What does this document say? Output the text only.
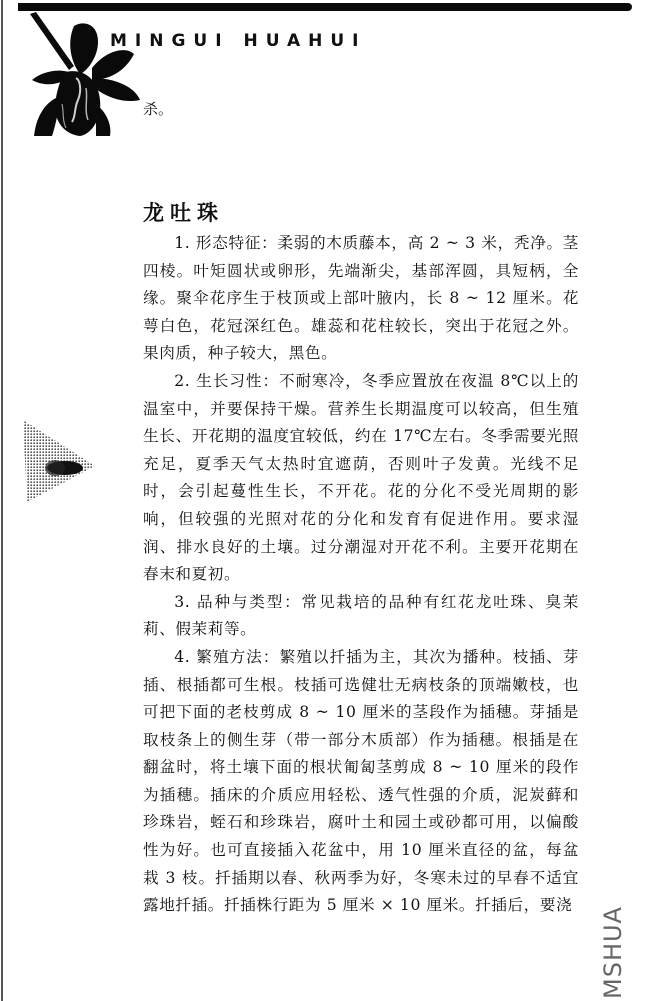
MINGUI HUAHUI
杀。
龙吐珠

1. 形态特征：柔弱的木质藤本，高 2 ~ 3 米，秃净。茎四棱。叶矩圆状或卵形，先端渐尖，基部浑圆，具短柄，全缘。聚伞花序生于枝顶或上部叶腋内，长 8 ~ 12 厘米。花萼白色，花冠深红色。雄蕊和花柱较长，突出于花冠之外。果肉质，种子较大，黑色。

2. 生长习性：不耐寒冷，冬季应置放在夜温 8℃以上的温室中，并要保持干燥。营养生长期温度可以较高，但生殖生长、开花期的温度宜较低，约在 17℃左右。冬季需要光照充足，夏季天气太热时宜遮荫，否则叶子发黄。光线不足时，会引起蔓性生长，不开花。花的分化不受光周期的影响，但较强的光照对花的分化和发育有促进作用。要求湿润、排水良好的土壤。过分潮湿对开花不利。主要开花期在春末和夏初。

3. 品种与类型：常见栽培的品种有红花龙吐珠、臭茉莉、假茉莉等。

4. 繁殖方法：繁殖以扦插为主，其次为播种。枝插、芽插、根插都可生根。枝插可选健壮无病枝条的顶端嫩枝，也可把下面的老枝剪成 8 ~ 10 厘米的茎段作为插穗。芽插是取枝条上的侧生芽（带一部分木质部）作为插穗。根插是在翻盆时，将土壤下面的根状匍匐茎剪成 8 ~ 10 厘米的段作为插穗。插床的介质应用轻松、透气性强的介质，泥炭藓和珍珠岩，蛭石和珍珠岩，腐叶土和园土或砂都可用，以偏酸性为好。也可直接插入花盆中，用 10 厘米直径的盆，每盆栽 3 枝。扦插期以春、秋两季为好，冬寒未过的早春不适宜露地扦插。扦插株行距为 5 厘米 × 10 厘米。扦插后，要浇

MSHUA
